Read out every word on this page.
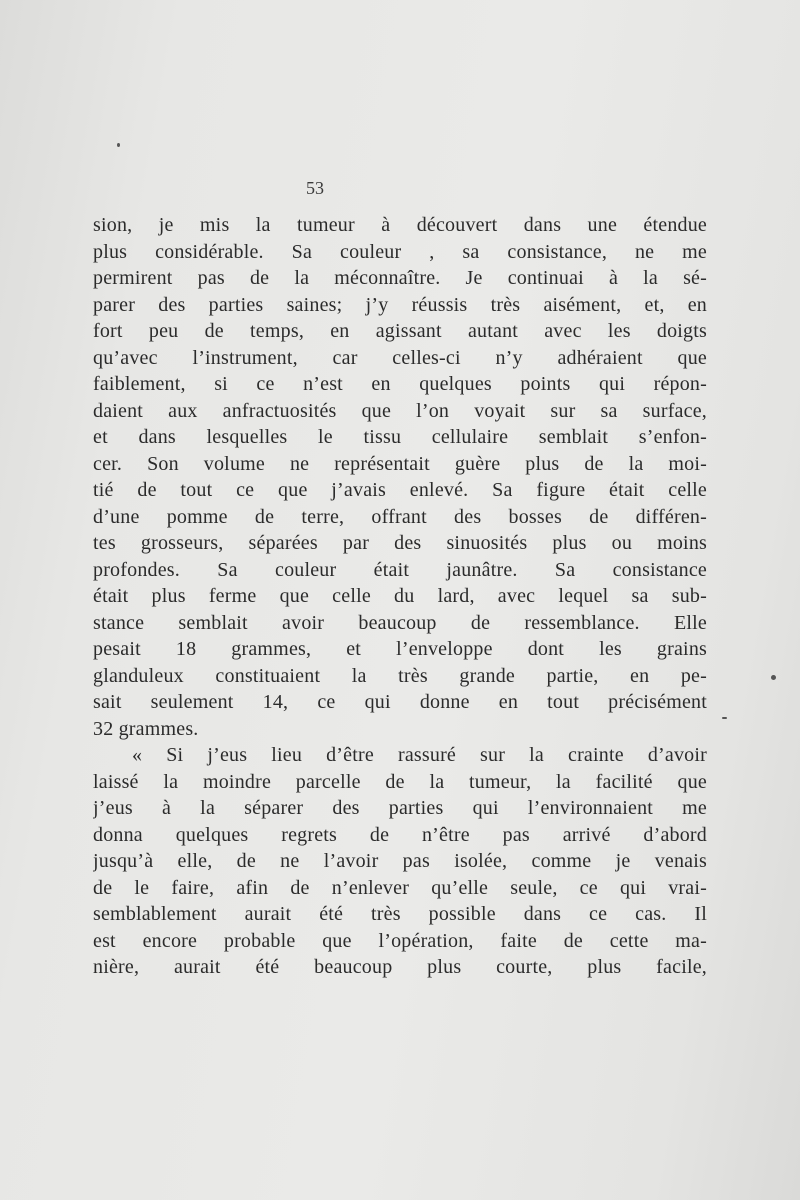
53
sion, je mis la tumeur à découvert dans une étendue
plus considérable. Sa couleur , sa consistance, ne me
permirent pas de la méconnaître. Je continuai à la sé-
parer des parties saines; j’y réussis très aisément, et, en
fort peu de temps, en agissant autant avec les doigts
qu’avec l’instrument, car celles-ci n’y adhéraient que
faiblement, si ce n’est en quelques points qui répon-
daient aux anfractuosités que l’on voyait sur sa surface,
et dans lesquelles le tissu cellulaire semblait s’enfon-
cer. Son volume ne représentait guère plus de la moi-
tié de tout ce que j’avais enlevé. Sa figure était celle
d’une pomme de terre, offrant des bosses de différen-
tes grosseurs, séparées par des sinuosités plus ou moins
profondes. Sa couleur était jaunâtre. Sa consistance
était plus ferme que celle du lard, avec lequel sa sub-
stance semblait avoir beaucoup de ressemblance. Elle
pesait 18 grammes, et l’enveloppe dont les grains
glanduleux constituaient la très grande partie, en pe-
sait seulement 14, ce qui donne en tout précisément
32 grammes.
« Si j’eus lieu d’être rassuré sur la crainte d’avoir
laissé la moindre parcelle de la tumeur, la facilité que
j’eus à la séparer des parties qui l’environnaient me
donna quelques regrets de n’être pas arrivé d’abord
jusqu’à elle, de ne l’avoir pas isolée, comme je venais
de le faire, afin de n’enlever qu’elle seule, ce qui vrai-
semblablement aurait été très possible dans ce cas. Il
est encore probable que l’opération, faite de cette ma-
nière, aurait été beaucoup plus courte, plus facile,
